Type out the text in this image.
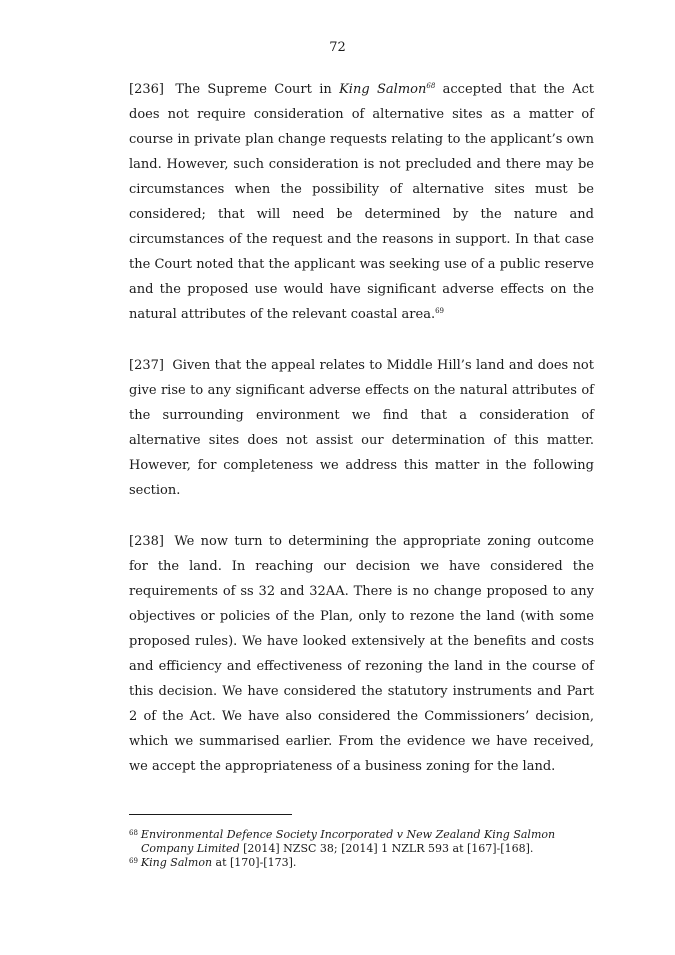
72

[236] The Supreme Court in King Salmon$^{68}$ accepted that the Act does not require consideration of alternative sites as a matter of course in private plan change requests relating to the applicant’s own land. However, such consideration is not precluded and there may be circumstances when the possibility of alternative sites must be considered; that will need be determined by the nature and circumstances of the request and the reasons in support. In that case the Court noted that the applicant was seeking use of a public reserve and the proposed use would have significant adverse effects on the natural attributes of the relevant coastal area.$^{69}$

[237] Given that the appeal relates to Middle Hill’s land and does not give rise to any significant adverse effects on the natural attributes of the surrounding environment we find that a consideration of alternative sites does not assist our determination of this matter. However, for completeness we address this matter in the following section.

[238] We now turn to determining the appropriate zoning outcome for the land. In reaching our decision we have considered the requirements of ss 32 and 32AA. There is no change proposed to any objectives or policies of the Plan, only to rezone the land (with some proposed rules). We have looked extensively at the benefits and costs and efficiency and effectiveness of rezoning the land in the course of this decision. We have considered the statutory instruments and Part 2 of the Act. We have also considered the Commissioners’ decision, which we summarised earlier. From the evidence we have received, we accept the appropriateness of a business zoning for the land.

$^{68}$ Environmental Defence Society Incorporated v New Zealand King Salmon Company Limited [2014] NZSC 38; [2014] 1 NZLR 593 at [167]-[168].

$^{69}$ King Salmon at [170]-[173].
